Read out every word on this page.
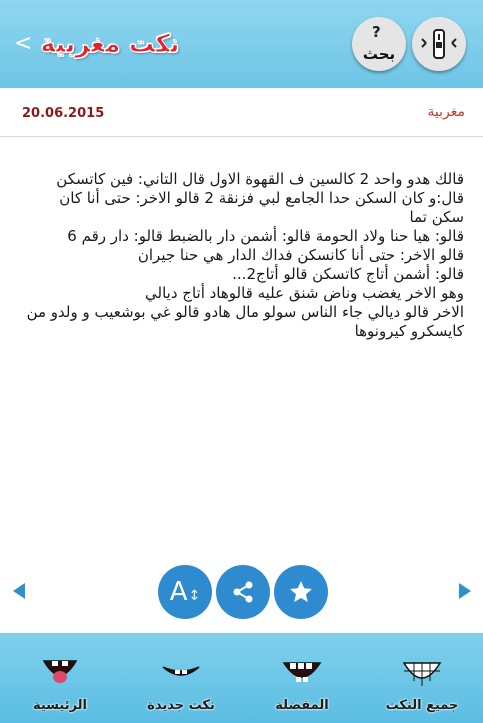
< نكت مغربية	?
بحث
20.06.2015	مغربية
قالك هدو واحد 2 كالسين ف القهوة الاول قال التاني: فين كاتسكن
قال:و كان السكن حدا الجامع لبي فزنقة 2 قالو الاخر: حتى أنا كان سكن تما
قالو: هيا حنا ولاد الحومة قالو: أشمن دار بالضبط قالو: دار رقم 6
قالو الاخر: حتى أنا كانسكن فداك الدار هي حنا جيران
قالو: أشمن أتاج كاتسكن قالو أتاج2...
وهو الاخر يغضب وناض شنق عليه قالوهاد أتاج ديالي
الاخر قالو ديالي جاء الناس سولو مال هادو قالو غي بوشعيب و ولدو من كايسكرو كيرونوها
A↕
الرئيسية	نكت جديدة	المفضلة	جميع النكت
